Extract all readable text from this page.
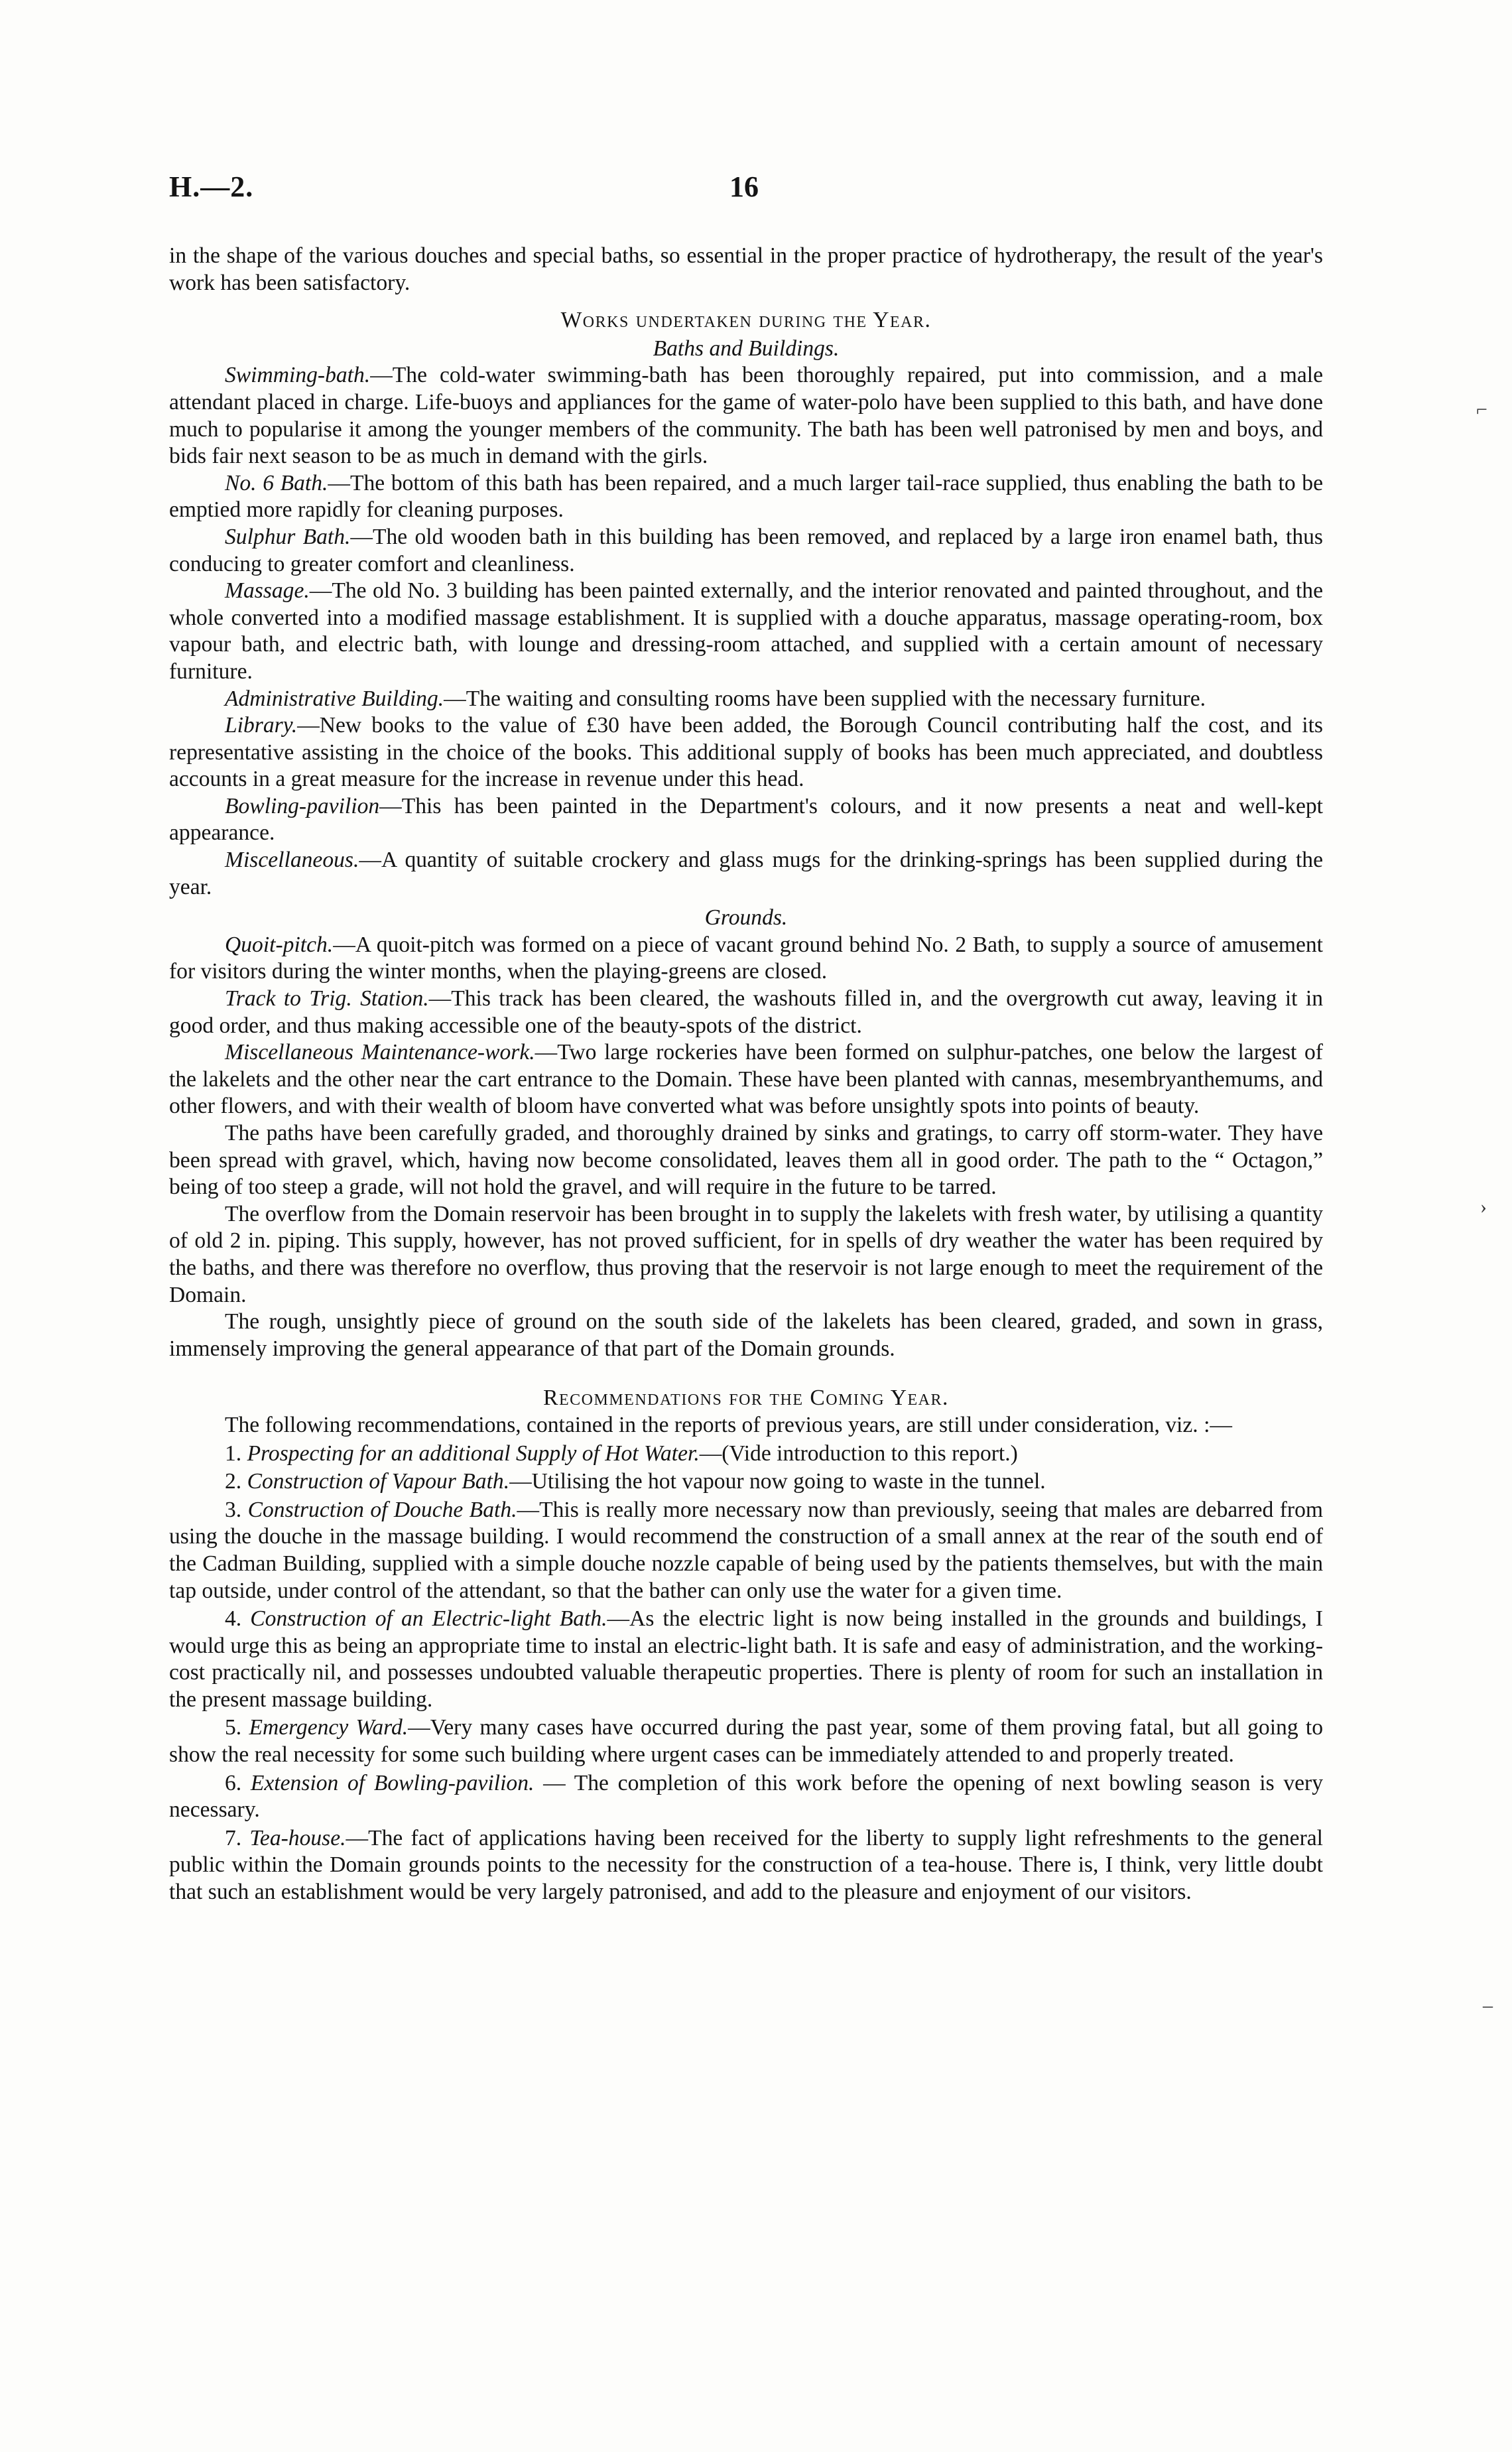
H.—2.	16
⌐
›
–

in the shape of the various douches and special baths, so essential in the proper practice of hydrotherapy, the result of the year's work has been satisfactory.

Works undertaken during the Year.

Baths and Buildings.

Swimming-bath.—The cold-water swimming-bath has been thoroughly repaired, put into commission, and a male attendant placed in charge. Life-buoys and appliances for the game of water-polo have been supplied to this bath, and have done much to popularise it among the younger members of the community. The bath has been well patronised by men and boys, and bids fair next season to be as much in demand with the girls.

No. 6 Bath.—The bottom of this bath has been repaired, and a much larger tail-race supplied, thus enabling the bath to be emptied more rapidly for cleaning purposes.

Sulphur Bath.—The old wooden bath in this building has been removed, and replaced by a large iron enamel bath, thus conducing to greater comfort and cleanliness.

Massage.—The old No. 3 building has been painted externally, and the interior renovated and painted throughout, and the whole converted into a modified massage establishment. It is supplied with a douche apparatus, massage operating-room, box vapour bath, and electric bath, with lounge and dressing-room attached, and supplied with a certain amount of necessary furniture.

Administrative Building.—The waiting and consulting rooms have been supplied with the necessary furniture.

Library.—New books to the value of £30 have been added, the Borough Council contributing half the cost, and its representative assisting in the choice of the books. This additional supply of books has been much appreciated, and doubtless accounts in a great measure for the increase in revenue under this head.

Bowling-pavilion—This has been painted in the Department's colours, and it now presents a neat and well-kept appearance.

Miscellaneous.—A quantity of suitable crockery and glass mugs for the drinking-springs has been supplied during the year.

Grounds.

Quoit-pitch.—A quoit-pitch was formed on a piece of vacant ground behind No. 2 Bath, to supply a source of amusement for visitors during the winter months, when the playing-greens are closed.

Track to Trig. Station.—This track has been cleared, the washouts filled in, and the overgrowth cut away, leaving it in good order, and thus making accessible one of the beauty-spots of the district.

Miscellaneous Maintenance-work.—Two large rockeries have been formed on sulphur-patches, one below the largest of the lakelets and the other near the cart entrance to the Domain. These have been planted with cannas, mesembryanthemums, and other flowers, and with their wealth of bloom have converted what was before unsightly spots into points of beauty.

The paths have been carefully graded, and thoroughly drained by sinks and gratings, to carry off storm-water. They have been spread with gravel, which, having now become consolidated, leaves them all in good order. The path to the “ Octagon,” being of too steep a grade, will not hold the gravel, and will require in the future to be tarred.

The overflow from the Domain reservoir has been brought in to supply the lakelets with fresh water, by utilising a quantity of old 2 in. piping. This supply, however, has not proved sufficient, for in spells of dry weather the water has been required by the baths, and there was therefore no overflow, thus proving that the reservoir is not large enough to meet the requirement of the Domain.

The rough, unsightly piece of ground on the south side of the lakelets has been cleared, graded, and sown in grass, immensely improving the general appearance of that part of the Domain grounds.

Recommendations for the Coming Year.

The following recommendations, contained in the reports of previous years, are still under consideration, viz. :—

1. Prospecting for an additional Supply of Hot Water.—(Vide introduction to this report.)

2. Construction of Vapour Bath.—Utilising the hot vapour now going to waste in the tunnel.

3. Construction of Douche Bath.—This is really more necessary now than previously, seeing that males are debarred from using the douche in the massage building. I would recommend the construction of a small annex at the rear of the south end of the Cadman Building, supplied with a simple douche nozzle capable of being used by the patients themselves, but with the main tap outside, under control of the attendant, so that the bather can only use the water for a given time.

4. Construction of an Electric-light Bath.—As the electric light is now being installed in the grounds and buildings, I would urge this as being an appropriate time to instal an electric-light bath. It is safe and easy of administration, and the working-cost practically nil, and possesses undoubted valuable therapeutic properties. There is plenty of room for such an installation in the present massage building.

5. Emergency Ward.—Very many cases have occurred during the past year, some of them proving fatal, but all going to show the real necessity for some such building where urgent cases can be immediately attended to and properly treated.

6. Extension of Bowling-pavilion. — The completion of this work before the opening of next bowling season is very necessary.

7. Tea-house.—The fact of applications having been received for the liberty to supply light refreshments to the general public within the Domain grounds points to the necessity for the construction of a tea-house. There is, I think, very little doubt that such an establishment would be very largely patronised, and add to the pleasure and enjoyment of our visitors.
